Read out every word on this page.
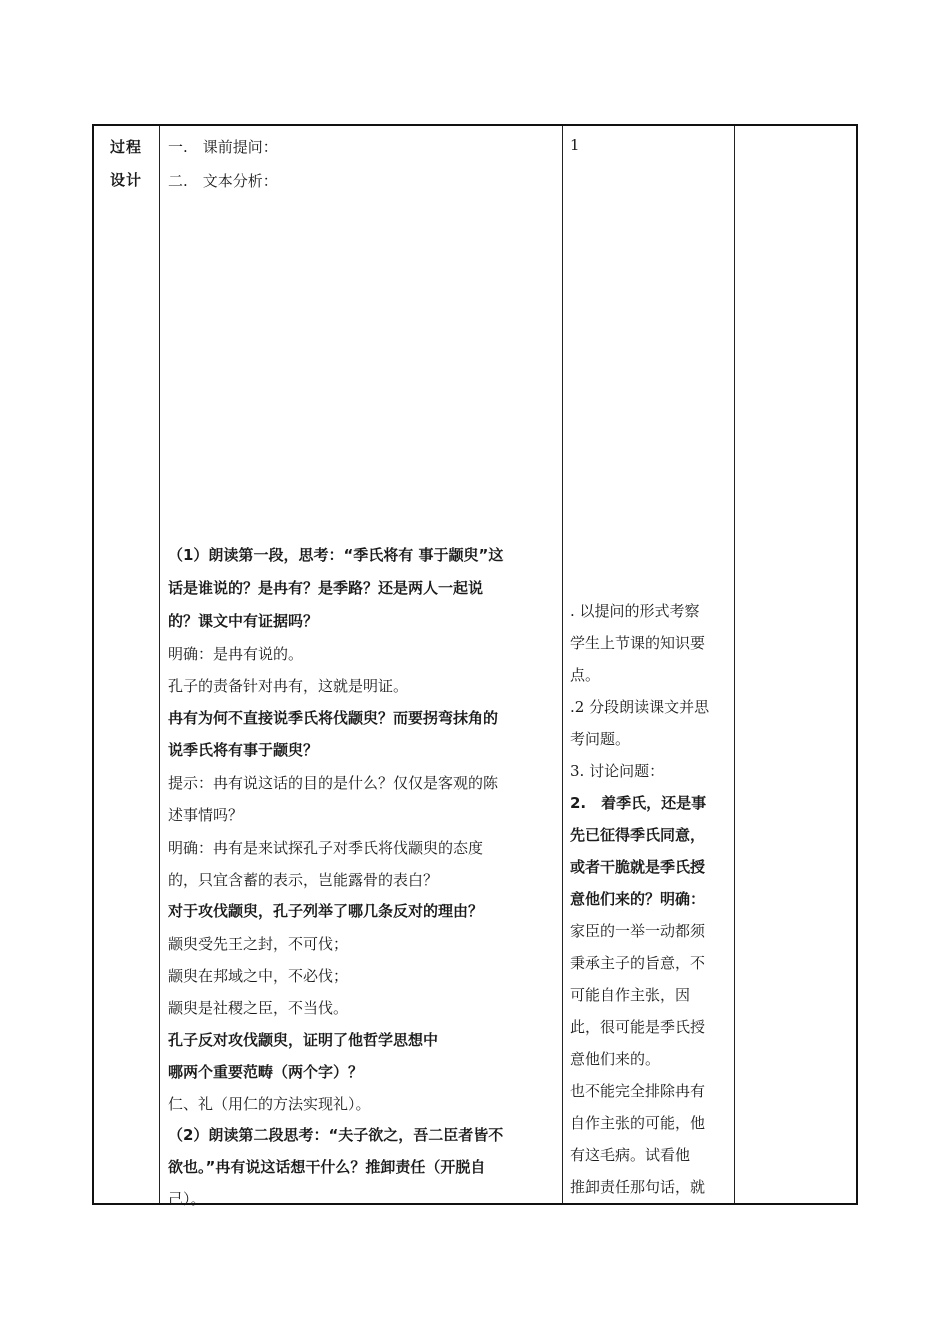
过程
设计
一.　课前提问：
二.　文本分析：
（1）朗读第一段，思考：“季氏将有 事于颛臾”这
话是谁说的？是冉有？是季路？还是两人一起说
的？课文中有证据吗？
明确：是冉有说的。
孔子的责备针对冉有，这就是明证。
冉有为何不直接说季氏将伐颛臾？而要拐弯抹角的
说季氏将有事于颛臾？
提示：冉有说这话的目的是什么？仅仅是客观的陈
述事情吗？
明确：冉有是来试探孔子对季氏将伐颛臾的态度
的，只宜含蓄的表示，岂能露骨的表白？
对于攻伐颛臾，孔子列举了哪几条反对的理由？
颛臾受先王之封，不可伐；
颛臾在邦域之中，不必伐；
颛臾是社稷之臣，不当伐。
孔子反对攻伐颛臾，证明了他哲学思想中
哪两个重要范畴（两个字）？
仁、礼（用仁的方法实现礼）。
（2）朗读第二段思考：“夫子欲之，吾二臣者皆不
欲也。”冉有说这话想干什么？推卸责任（开脱自
己）。
1
. 以提问的形式考察
学生上节课的知识要
点。
.2 分段朗读课文并思
考问题。
3. 讨论问题：
2.　着季氏，还是事
先已征得季氏同意，
或者干脆就是季氏授
意他们来的？明确：
家臣的一举一动都须
秉承主子的旨意，不
可能自作主张，因
此，很可能是季氏授
意他们来的。
也不能完全排除冉有
自作主张的可能，他
有这毛病。试看他
推卸责任那句话，就
